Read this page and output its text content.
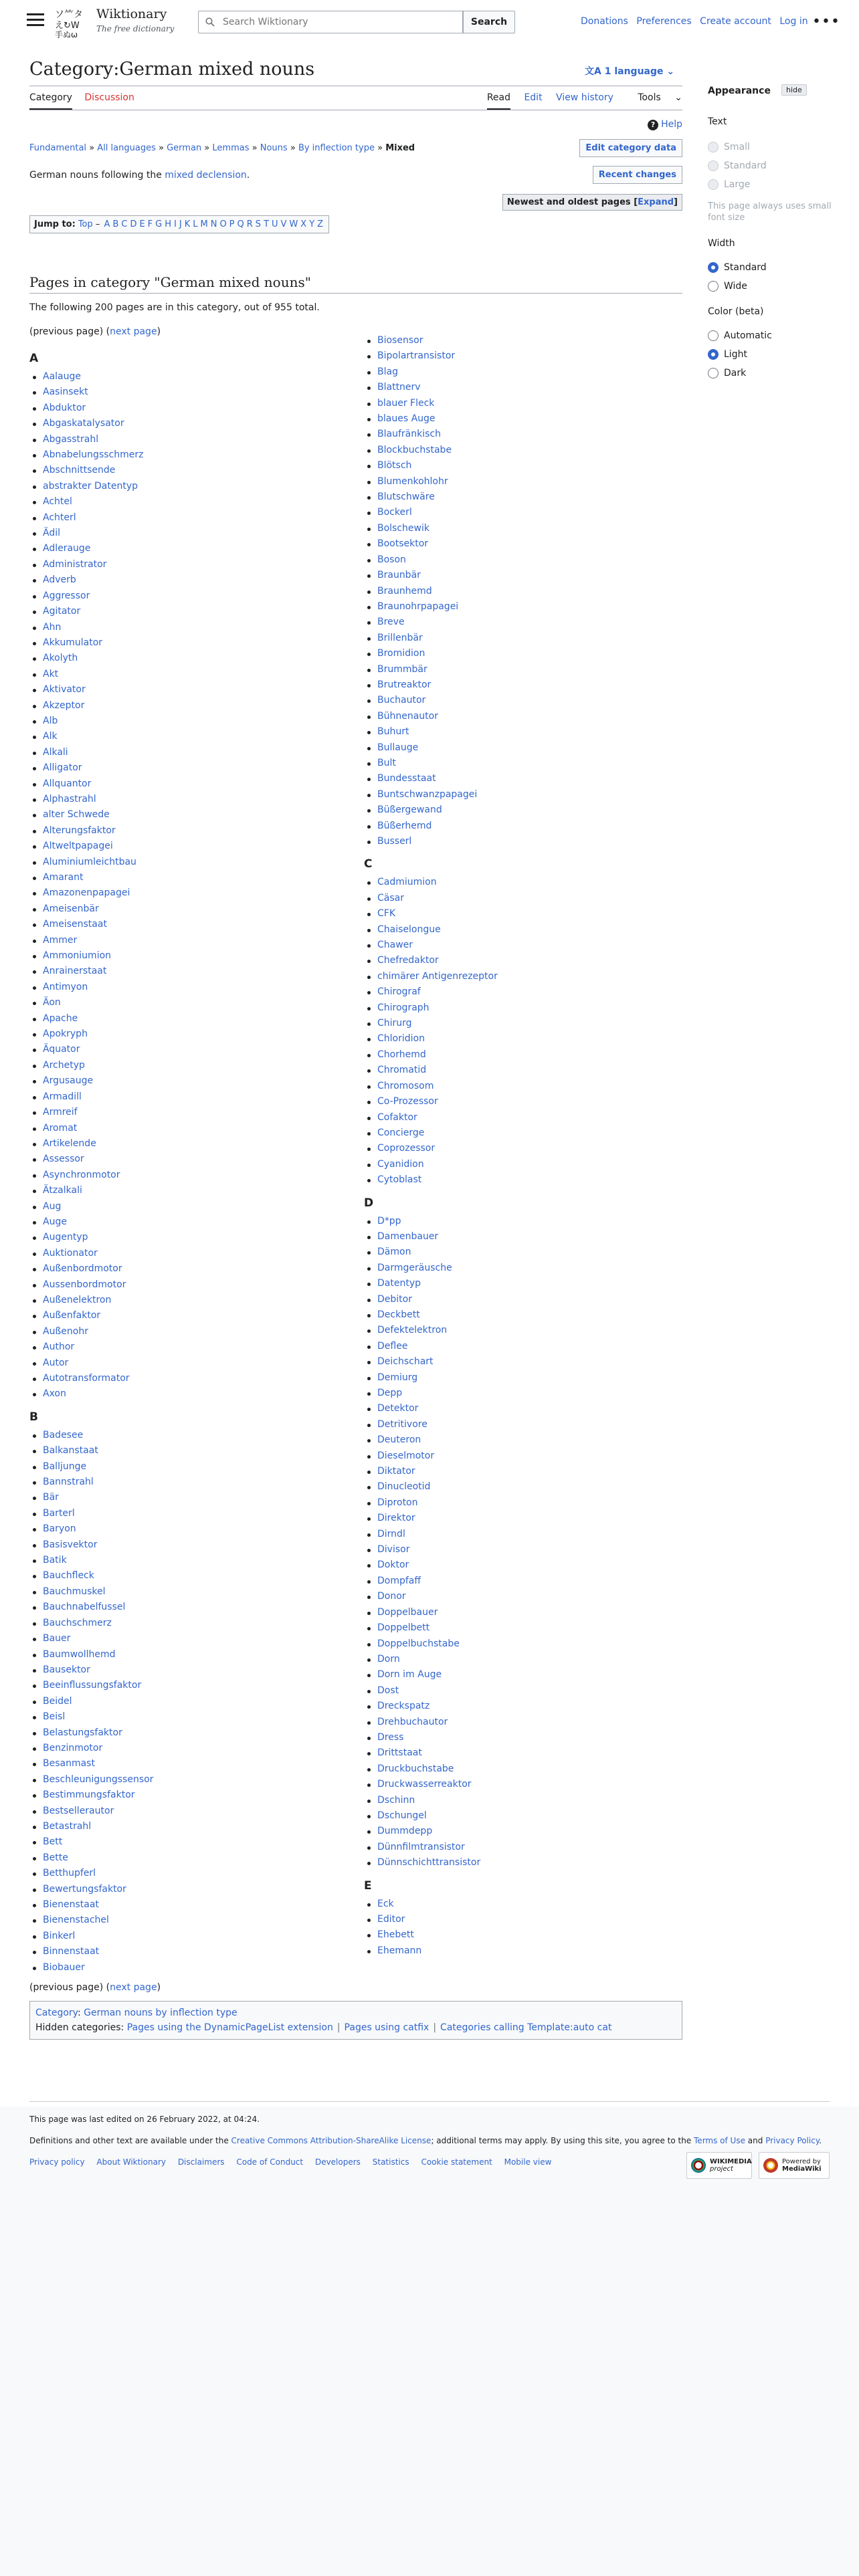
ソ⺮タ
え↻W
手ぬω
Wiktionary
The free dictionary
Search Wiktionary
Search	Donations Preferences Create account Log in •••
Category:German mixed nouns	文A 1 language ⌄
Category Discussion	Read Edit View history	Tools ⌄
? Help
Fundamental » All languages » German » Lemmas » Nouns » By inflection type » Mixed	Edit category data
German nouns following the mixed declension.	Recent changes
Newest and oldest pages [Expand]
Jump to: Top – A B C D E F G H I J K L M N O P Q R S T U V W X Y Z
Pages in category "German mixed nouns"
The following 200 pages are in this category, out of 955 total.
(previous page) (next page)
A
Aalauge
Aasinsekt
Abduktor
Abgaskatalysator
Abgasstrahl
Abnabelungsschmerz
Abschnittsende
abstrakter Datentyp
Achtel
Achterl
Ädil
Adlerauge
Administrator
Adverb
Aggressor
Agitator
Ahn
Akkumulator
Akolyth
Akt
Aktivator
Akzeptor
Alb
Alk
Alkali
Alligator
Allquantor
Alphastrahl
alter Schwede
Alterungsfaktor
Altweltpapagei
Aluminiumleichtbau
Amarant
Amazonenpapagei
Ameisenbär
Ameisenstaat
Ammer
Ammoniumion
Anrainerstaat
Antimyon
Äon
Apache
Apokryph
Äquator
Archetyp
Argusauge
Armadill
Armreif
Aromat
Artikelende
Assessor
Asynchronmotor
Ätzalkali
Aug
Auge
Augentyp
Auktionator
Außenbordmotor
Aussenbordmotor
Außenelektron
Außenfaktor
Außenohr
Author
Autor
Autotransformator
Axon
B
Badesee
Balkanstaat
Balljunge
Bannstrahl
Bär
Barterl
Baryon
Basisvektor
Batik
Bauchfleck
Bauchmuskel
Bauchnabelfussel
Bauchschmerz
Bauer
Baumwollhemd
Bausektor
Beeinflussungsfaktor
Beidel
Beisl
Belastungsfaktor
Benzinmotor
Besanmast
Beschleunigungssensor
Bestimmungsfaktor
Bestsellerautor
Betastrahl
Bett
Bette
Betthupferl
Bewertungsfaktor
Bienenstaat
Bienenstachel
Binkerl
Binnenstaat
Biobauer
Biosensor
Bipolartransistor
Blag
Blattnerv
blauer Fleck
blaues Auge
Blaufränkisch
Blockbuchstabe
Blötsch
Blumenkohlohr
Blutschwäre
Bockerl
Bolschewik
Bootsektor
Boson
Braunbär
Braunhemd
Braunohrpapagei
Breve
Brillenbär
Bromidion
Brummbär
Brutreaktor
Buchautor
Bühnenautor
Buhurt
Bullauge
Bult
Bundesstaat
Buntschwanzpapagei
Büßergewand
Büßerhemd
Busserl
C
Cadmiumion
Cäsar
CFK
Chaiselongue
Chawer
Chefredaktor
chimärer Antigenrezeptor
Chirograf
Chirograph
Chirurg
Chloridion
Chorhemd
Chromatid
Chromosom
Co-Prozessor
Cofaktor
Concierge
Coprozessor
Cyanidion
Cytoblast
D
D*pp
Damenbauer
Dämon
Darmgeräusche
Datentyp
Debitor
Deckbett
Defektelektron
Deflee
Deichschart
Demiurg
Depp
Detektor
Detritivore
Deuteron
Dieselmotor
Diktator
Dinucleotid
Diproton
Direktor
Dirndl
Divisor
Doktor
Dompfaff
Donor
Doppelbauer
Doppelbett
Doppelbuchstabe
Dorn
Dorn im Auge
Dost
Dreckspatz
Drehbuchautor
Dress
Drittstaat
Druckbuchstabe
Druckwasserreaktor
Dschinn
Dschungel
Dummdepp
Dünnfilmtransistor
Dünnschichttransistor
E
Eck
Editor
Ehebett
Ehemann
(previous page) (next page)
Category: German nouns by inflection type
Hidden categories: Pages using the DynamicPageList extension | Pages using catfix | Categories calling Template:auto cat
Appearance	hide
Text
Small
Standard
Large
This page always uses small font size
Width
Standard
Wide
Color (beta)
Automatic
Light
Dark
This page was last edited on 26 February 2022, at 04:24.
Definitions and other text are available under the Creative Commons Attribution-ShareAlike License; additional terms may apply. By using this site, you agree to the Terms of Use and Privacy Policy.
Privacy policy About Wiktionary Disclaimers Code of Conduct Developers Statistics Cookie statement Mobile view	WIKIMEDIA
project
Powered by
MediaWiki
